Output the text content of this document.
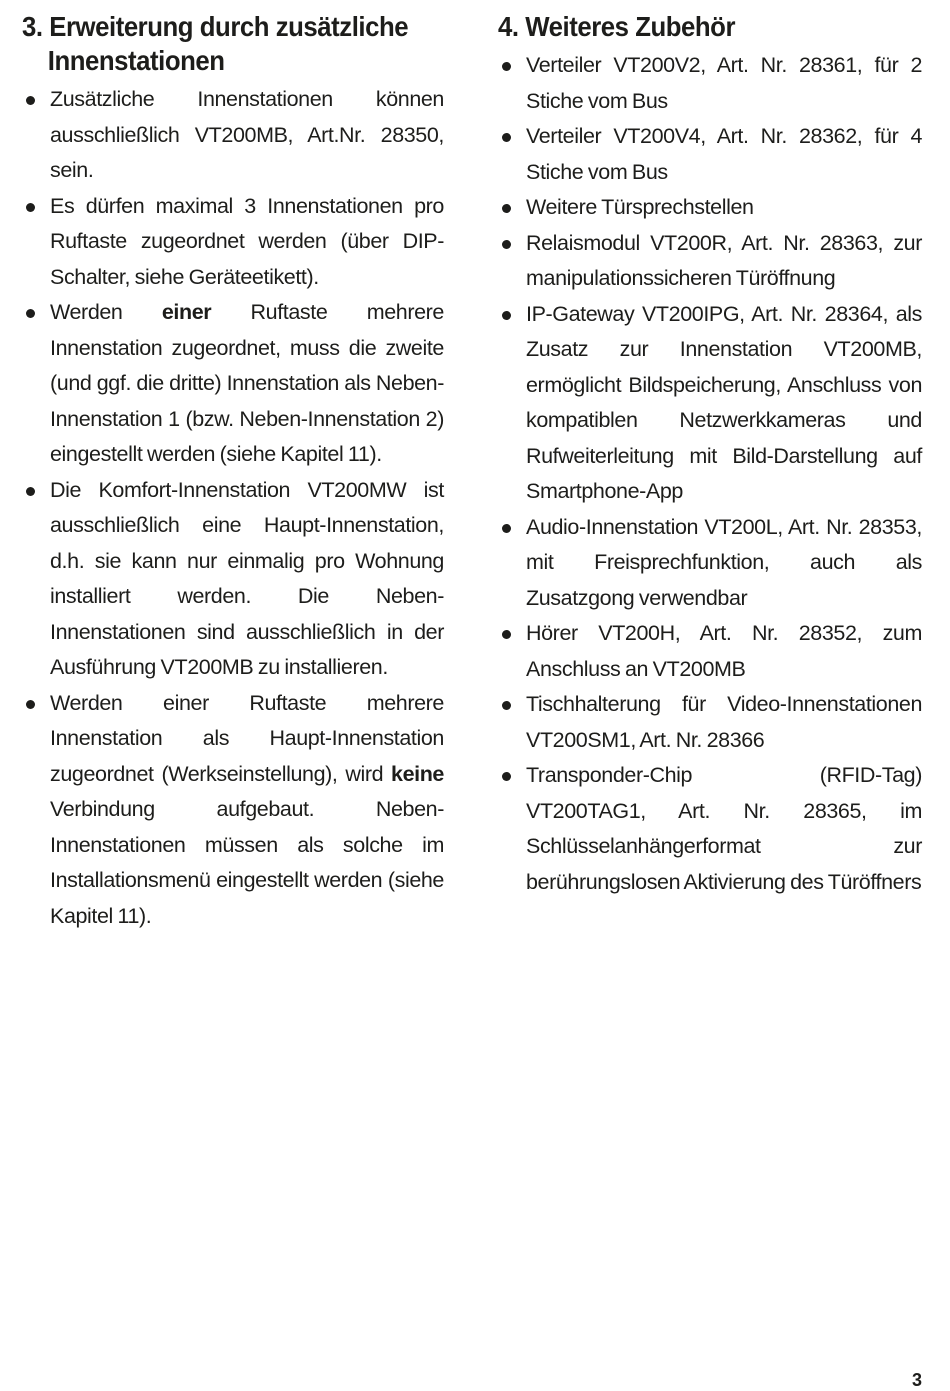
3. Erweiterung durch zusätzliche
Innenstationen
Zusätzliche Innenstationen können ausschließlich VT200MB, Art.Nr. 28350, sein.
Es dürfen maximal 3 Innenstationen pro Ruftaste zugeordnet werden (über DIP-Schalter, siehe Geräteetikett).
Werden einer Ruftaste mehrere Innenstation zugeordnet, muss die zweite (und ggf. die dritte) Innenstation als Neben-Innenstation 1 (bzw. Neben-Innenstation 2) eingestellt werden (siehe Kapitel 11).
Die Komfort-Innenstation VT200MW ist ausschließlich eine Haupt-Innenstation, d.h. sie kann nur einmalig pro Wohnung installiert werden. Die Neben-Innenstationen sind ausschließlich in der Ausführung VT200MB zu installieren.
Werden einer Ruftaste mehrere Innenstation als Haupt-Innenstation zugeordnet (Werkseinstellung), wird keine Verbindung aufgebaut. Neben-Innenstationen müssen als solche im Installationsmenü eingestellt werden (siehe Kapitel 11).
4. Weiteres Zubehör
Verteiler VT200V2, Art. Nr. 28361, für 2 Stiche vom Bus
Verteiler VT200V4, Art. Nr. 28362, für 4 Stiche vom Bus
Weitere Türsprechstellen
Relaismodul VT200R, Art. Nr. 28363, zur manipulationssicheren Türöffnung
IP-Gateway VT200IPG, Art. Nr. 28364, als Zusatz zur Innenstation VT200MB, ermöglicht Bildspeicherung, Anschluss von kompatiblen Netzwerkkameras und Rufweiterleitung mit Bild-Darstellung auf Smartphone-App
Audio-Innenstation VT200L, Art. Nr. 28353, mit Freisprechfunktion, auch als Zusatzgong verwendbar
Hörer VT200H, Art. Nr. 28352, zum Anschluss an VT200MB
Tischhalterung für Video-Innenstationen VT200SM1, Art. Nr. 28366
Transponder-Chip (RFID-Tag) VT200TAG1, Art. Nr. 28365, im Schlüsselanhängerformat zur berührungslosen Aktivierung des Türöffners
3
